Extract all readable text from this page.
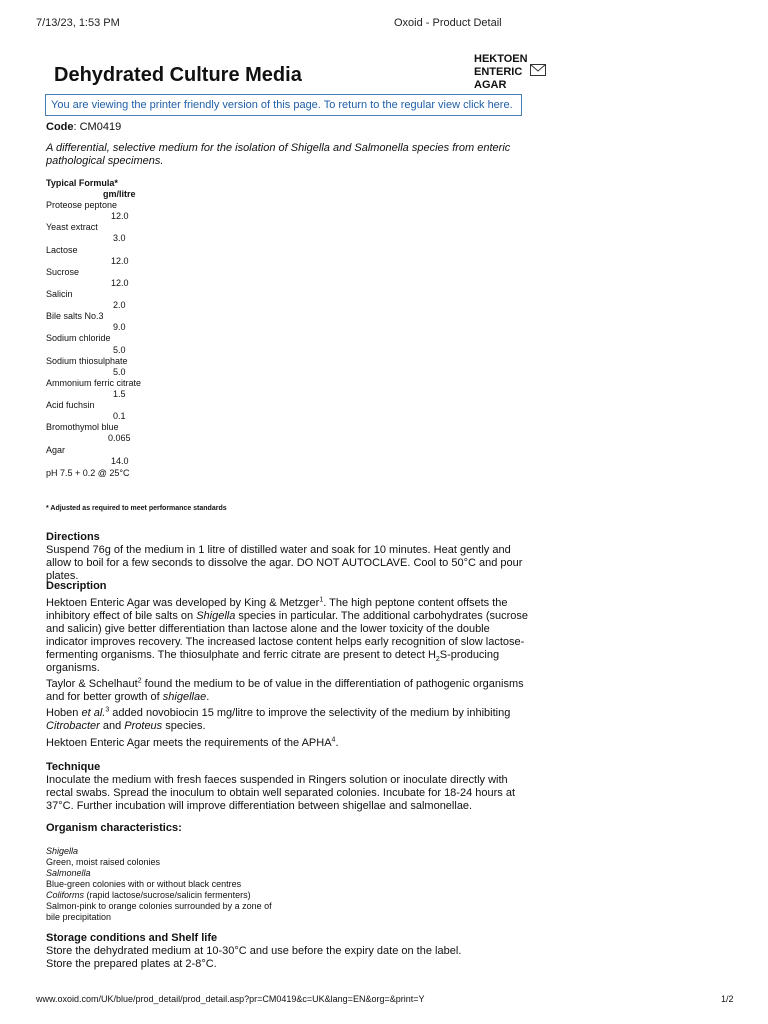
7/13/23, 1:53 PM	Oxoid - Product Detail
Dehydrated Culture Media
HEKTOEN
ENTERIC
AGAR
You are viewing the printer friendly version of this page. To return to the regular view click here.
Code: CM0419
A differential, selective medium for the isolation of Shigella and Salmonella species from enteric pathological specimens.
Typical Formula*
gm/litre
Proteose peptone
12.0
Yeast extract
3.0
Lactose
12.0
Sucrose
12.0
Salicin
2.0
Bile salts No.3
9.0
Sodium chloride
5.0
Sodium thiosulphate
5.0
Ammonium ferric citrate
1.5
Acid fuchsin
0.1
Bromothymol blue
0.065
Agar
14.0
pH 7.5 + 0.2 @ 25°C
* Adjusted as required to meet performance standards
Directions
Suspend 76g of the medium in 1 litre of distilled water and soak for 10 minutes. Heat gently and allow to boil for a few seconds to dissolve the agar. DO NOT AUTOCLAVE. Cool to 50°C and pour plates.
Description
Hektoen Enteric Agar was developed by King & Metzger$^1$. The high peptone content offsets the inhibitory effect of bile salts on Shigella species in particular. The additional carbohydrates (sucrose and salicin) give better differentiation than lactose alone and the lower toxicity of the double indicator improves recovery. The increased lactose content helps early recognition of slow lactose-fermenting organisms. The thiosulphate and ferric citrate are present to detect $H_2S$-producing organisms.
Taylor & Schelhaut$^2$ found the medium to be of value in the differentiation of pathogenic organisms and for better growth of shigellae.
Hoben et al.$^3$ added novobiocin 15 mg/litre to improve the selectivity of the medium by inhibiting Citrobacter and Proteus species.
Hektoen Enteric Agar meets the requirements of the APHA$^4$.
Technique
Inoculate the medium with fresh faeces suspended in Ringers solution or inoculate directly with rectal swabs. Spread the inoculum to obtain well separated colonies. Incubate for 18-24 hours at 37°C. Further incubation will improve differentiation between shigellae and salmonellae.
Organism characteristics:
Shigella
Green, moist raised colonies
Salmonella
Blue-green colonies with or without black centres
Coliforms (rapid lactose/sucrose/salicin fermenters)
Salmon-pink to orange colonies surrounded by a zone of
bile precipitation
Storage conditions and Shelf life
Store the dehydrated medium at 10-30°C and use before the expiry date on the label.
Store the prepared plates at 2-8°C.
www.oxoid.com/UK/blue/prod_detail/prod_detail.asp?pr=CM0419&c=UK&lang=EN&org=&print=Y	1/2
